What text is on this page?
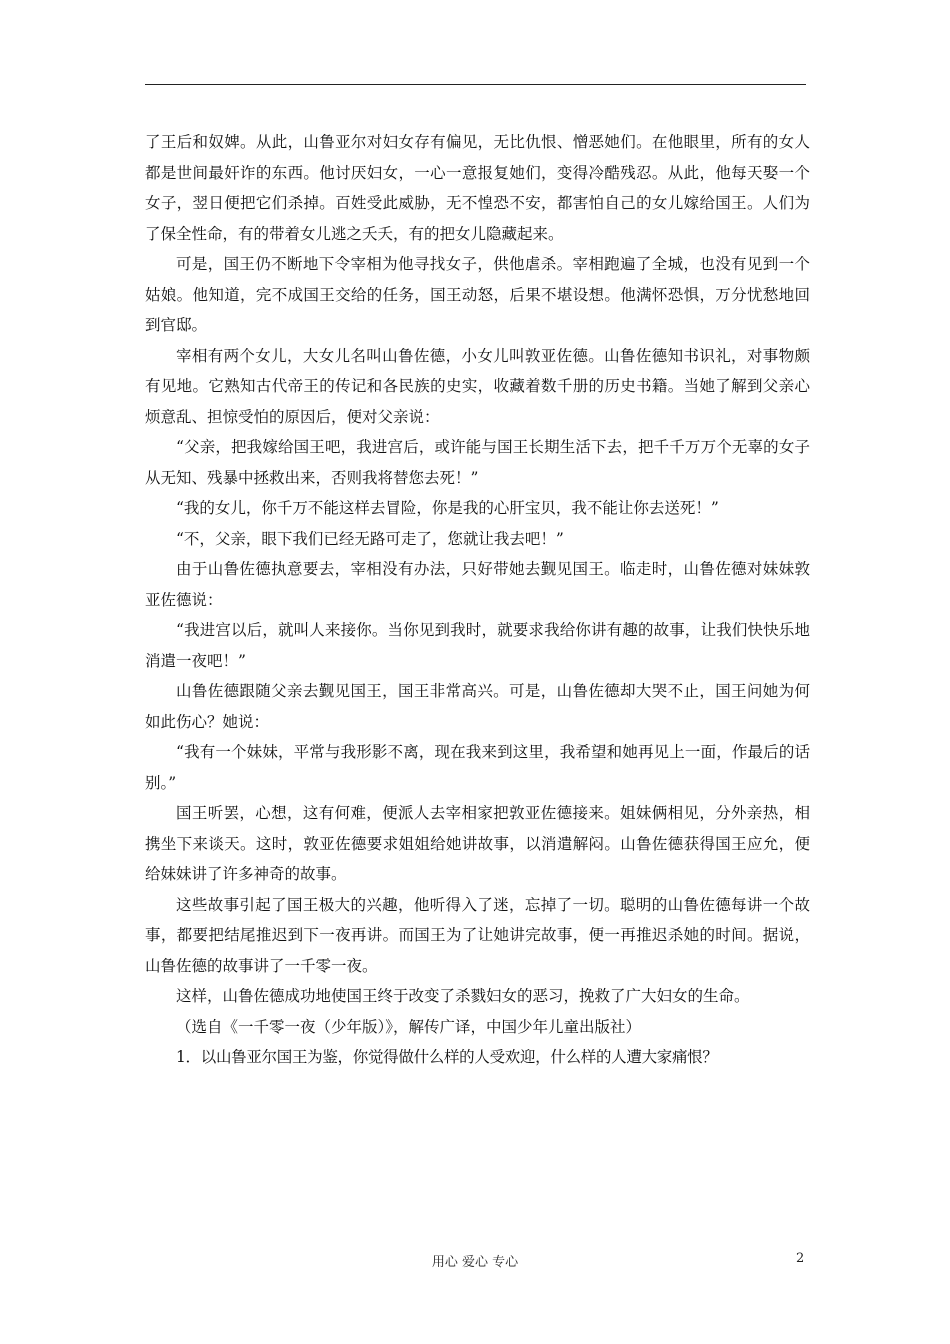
了王后和奴婢。从此，山鲁亚尔对妇女存有偏见，无比仇恨、憎恶她们。在他眼里，所有的女人都是世间最奸诈的东西。他讨厌妇女，一心一意报复她们，变得冷酷残忍。从此，他每天娶一个女子，翌日便把它们杀掉。百姓受此威胁，无不惶恐不安，都害怕自己的女儿嫁给国王。人们为了保全性命，有的带着女儿逃之夭夭，有的把女儿隐藏起来。

可是，国王仍不断地下令宰相为他寻找女子，供他虐杀。宰相跑遍了全城，也没有见到一个姑娘。他知道，完不成国王交给的任务，国王动怒，后果不堪设想。他满怀恐惧，万分忧愁地回到官邸。

宰相有两个女儿，大女儿名叫山鲁佐德，小女儿叫敦亚佐德。山鲁佐德知书识礼，对事物颇有见地。它熟知古代帝王的传记和各民族的史实，收藏着数千册的历史书籍。当她了解到父亲心烦意乱、担惊受怕的原因后，便对父亲说：

“父亲，把我嫁给国王吧，我进宫后，或许能与国王长期生活下去，把千千万万个无辜的女子从无知、残暴中拯救出来，否则我将替您去死！”

“我的女儿，你千万不能这样去冒险，你是我的心肝宝贝，我不能让你去送死！”

“不，父亲，眼下我们已经无路可走了，您就让我去吧！”

由于山鲁佐德执意要去，宰相没有办法，只好带她去觐见国王。临走时，山鲁佐德对妹妹敦亚佐德说：

“我进宫以后，就叫人来接你。当你见到我时，就要求我给你讲有趣的故事，让我们快快乐地消遣一夜吧！”

山鲁佐德跟随父亲去觐见国王，国王非常高兴。可是，山鲁佐德却大哭不止，国王问她为何如此伤心？她说：

“我有一个妹妹，平常与我形影不离，现在我来到这里，我希望和她再见上一面，作最后的话别。”

国王听罢，心想，这有何难，便派人去宰相家把敦亚佐德接来。姐妹俩相见，分外亲热，相携坐下来谈天。这时，敦亚佐德要求姐姐给她讲故事，以消遣解闷。山鲁佐德获得国王应允，便给妹妹讲了许多神奇的故事。

这些故事引起了国王极大的兴趣，他听得入了迷，忘掉了一切。聪明的山鲁佐德每讲一个故事，都要把结尾推迟到下一夜再讲。而国王为了让她讲完故事，便一再推迟杀她的时间。据说，山鲁佐德的故事讲了一千零一夜。

这样，山鲁佐德成功地使国王终于改变了杀戮妇女的恶习，挽救了广大妇女的生命。

（选自《一千零一夜（少年版）》，解传广译，中国少年儿童出版社）

1．以山鲁亚尔国王为鉴，你觉得做什么样的人受欢迎，什么样的人遭大家痛恨？

用心 爱心 专心	2
